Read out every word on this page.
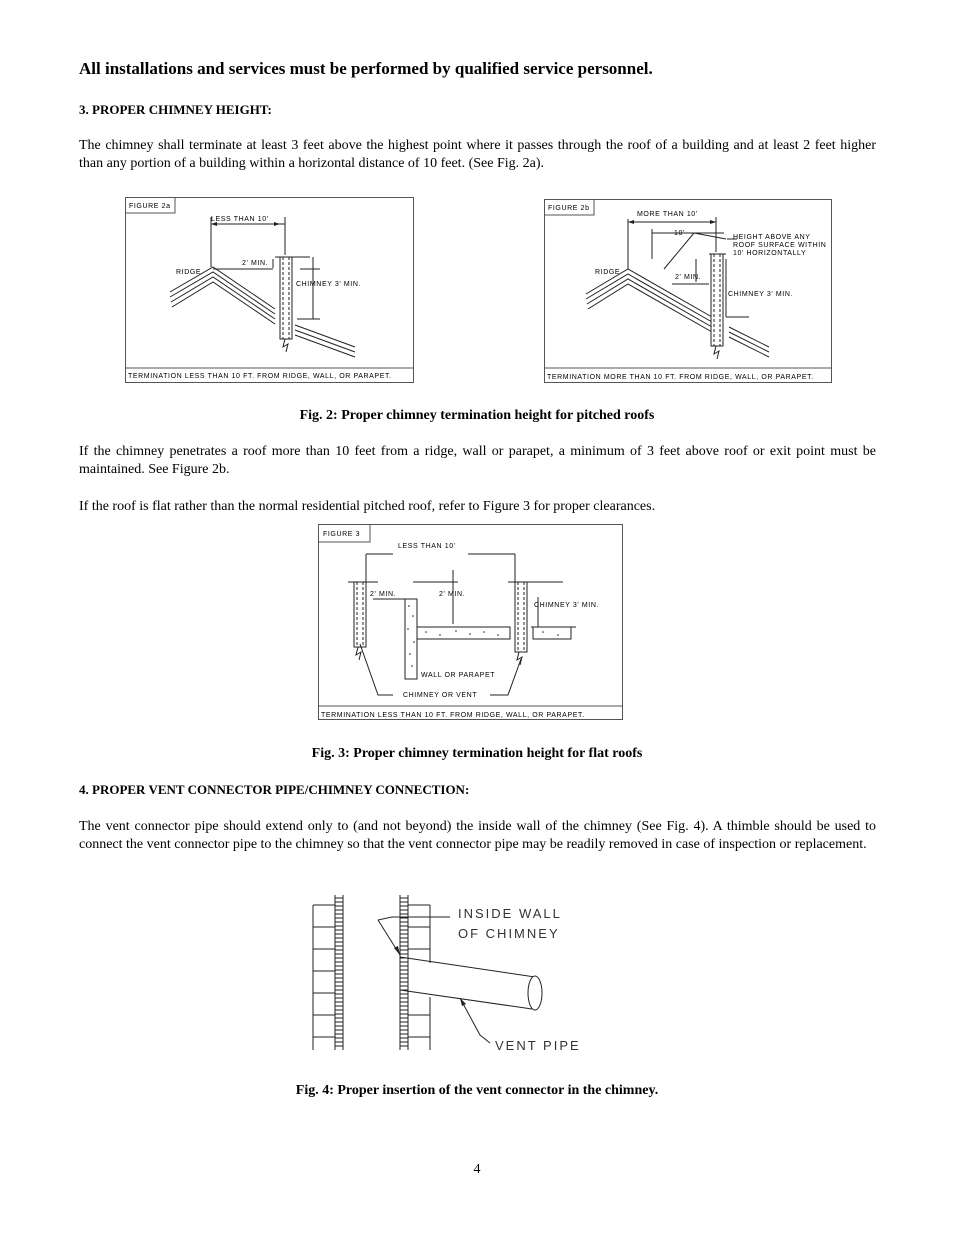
All installations and services must be performed by qualified service personnel.
3. PROPER CHIMNEY HEIGHT:
The chimney shall terminate at least 3 feet above the highest point where it passes through the roof of a building and at least 2 feet higher than any portion of a building within a horizontal distance of 10 feet. (See Fig. 2a).
FIGURE 2a
LESS THAN 10'
RIDGE
2' MIN.
CHIMNEY 3' MIN.
TERMINATION LESS THAN 10 FT. FROM RIDGE, WALL, OR PARAPET.
FIGURE 2b
MORE THAN 10'
10'
HEIGHT ABOVE ANY
ROOF SURFACE WITHIN
10' HORIZONTALLY
RIDGE
2' MIN.
CHIMNEY 3' MIN.
TERMINATION MORE THAN 10 FT. FROM RIDGE, WALL, OR PARAPET.
Fig. 2: Proper chimney termination height for pitched roofs
If the chimney penetrates a roof more than 10 feet from a ridge, wall or parapet, a minimum of 3 feet above roof or exit point must be maintained. See Figure 2b.
If the roof is flat rather than the normal residential pitched roof, refer to Figure 3 for proper clearances.
FIGURE 3
LESS THAN 10'
2' MIN.	2' MIN.
CHIMNEY 3' MIN.
WALL OR PARAPET
CHIMNEY OR VENT
TERMINATION LESS THAN 10 FT. FROM RIDGE, WALL, OR PARAPET.
Fig. 3: Proper chimney termination height for flat roofs
4. PROPER VENT CONNECTOR PIPE/CHIMNEY CONNECTION:
The vent connector pipe should extend only to (and not beyond) the inside wall of the chimney (See Fig. 4). A thimble should be used to connect the vent connector pipe to the chimney so that the vent connector pipe may be readily removed in case of inspection or replacement.
INSIDE WALL
OF CHIMNEY
VENT PIPE
Fig. 4: Proper insertion of the vent connector in the chimney.
4
